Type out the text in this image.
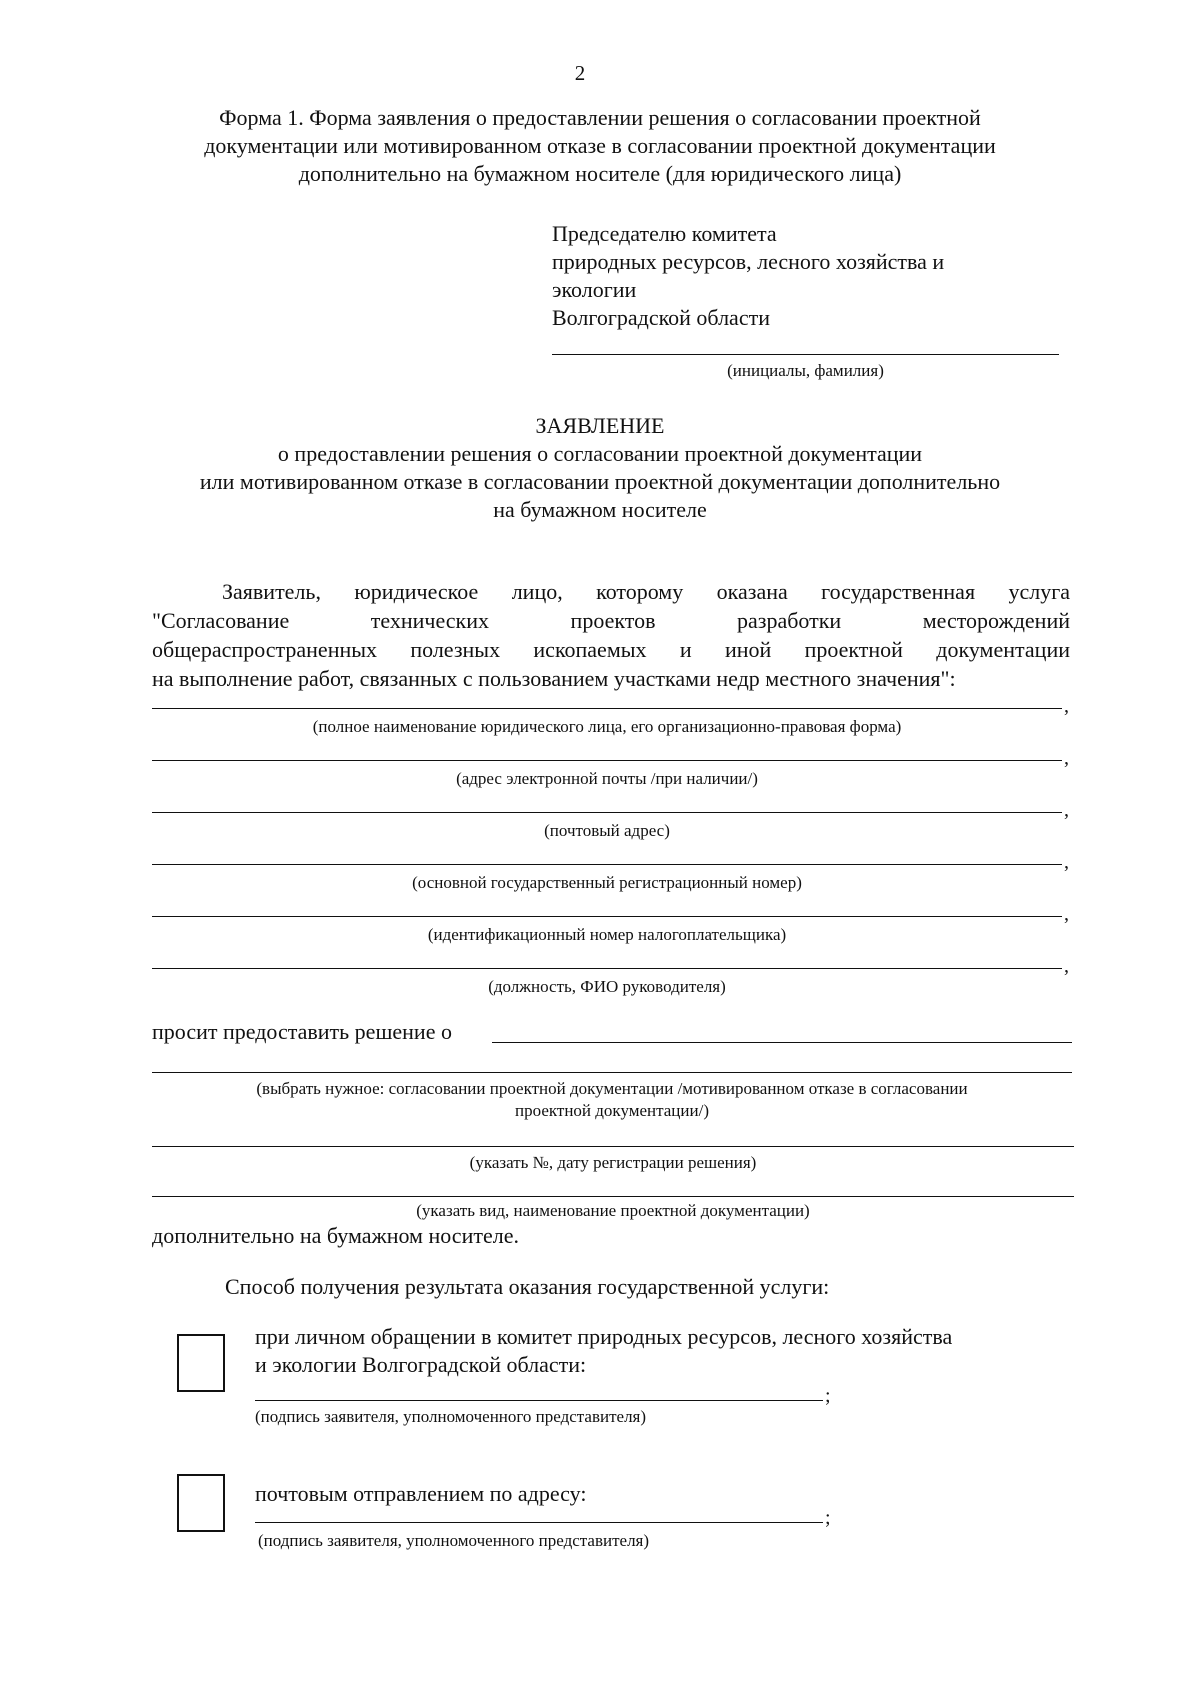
2
Форма 1. Форма заявления о предоставлении решения о согласовании проектной
документации или мотивированном отказе в согласовании проектной документации
дополнительно на бумажном носителе (для юридического лица)
Председателю комитета
природных ресурсов, лесного хозяйства и
экологии
Волгоградской области
(инициалы, фамилия)
ЗАЯВЛЕНИЕ
о предоставлении решения о согласовании проектной документации
или мотивированном отказе в согласовании проектной документации дополнительно
на бумажном носителе
Заявитель, юридическое лицо, которому оказана государственная услуга
"Согласование технических проектов разработки месторождений
общераспространенных полезных ископаемых и иной проектной документации
на выполнение работ, связанных с пользованием участками недр местного значения":
,
(полное наименование юридического лица, его организационно-правовая форма)
,
(адрес электронной почты /при наличии/)
,
(почтовый адрес)
,
(основной государственный регистрационный номер)
,
(идентификационный номер налогоплательщика)
,
(должность, ФИО руководителя)
просит предоставить решение о
(выбрать нужное: согласовании проектной документации /мотивированном отказе в согласовании
проектной документации/)
(указать №, дату регистрации решения)
(указать вид, наименование проектной документации)
дополнительно на бумажном носителе.
Способ получения результата оказания государственной услуги:
при личном обращении в комитет природных ресурсов, лесного хозяйства
и экологии Волгоградской области:
;
(подпись заявителя, уполномоченного представителя)
почтовым отправлением по адресу:
;
(подпись заявителя, уполномоченного представителя)
